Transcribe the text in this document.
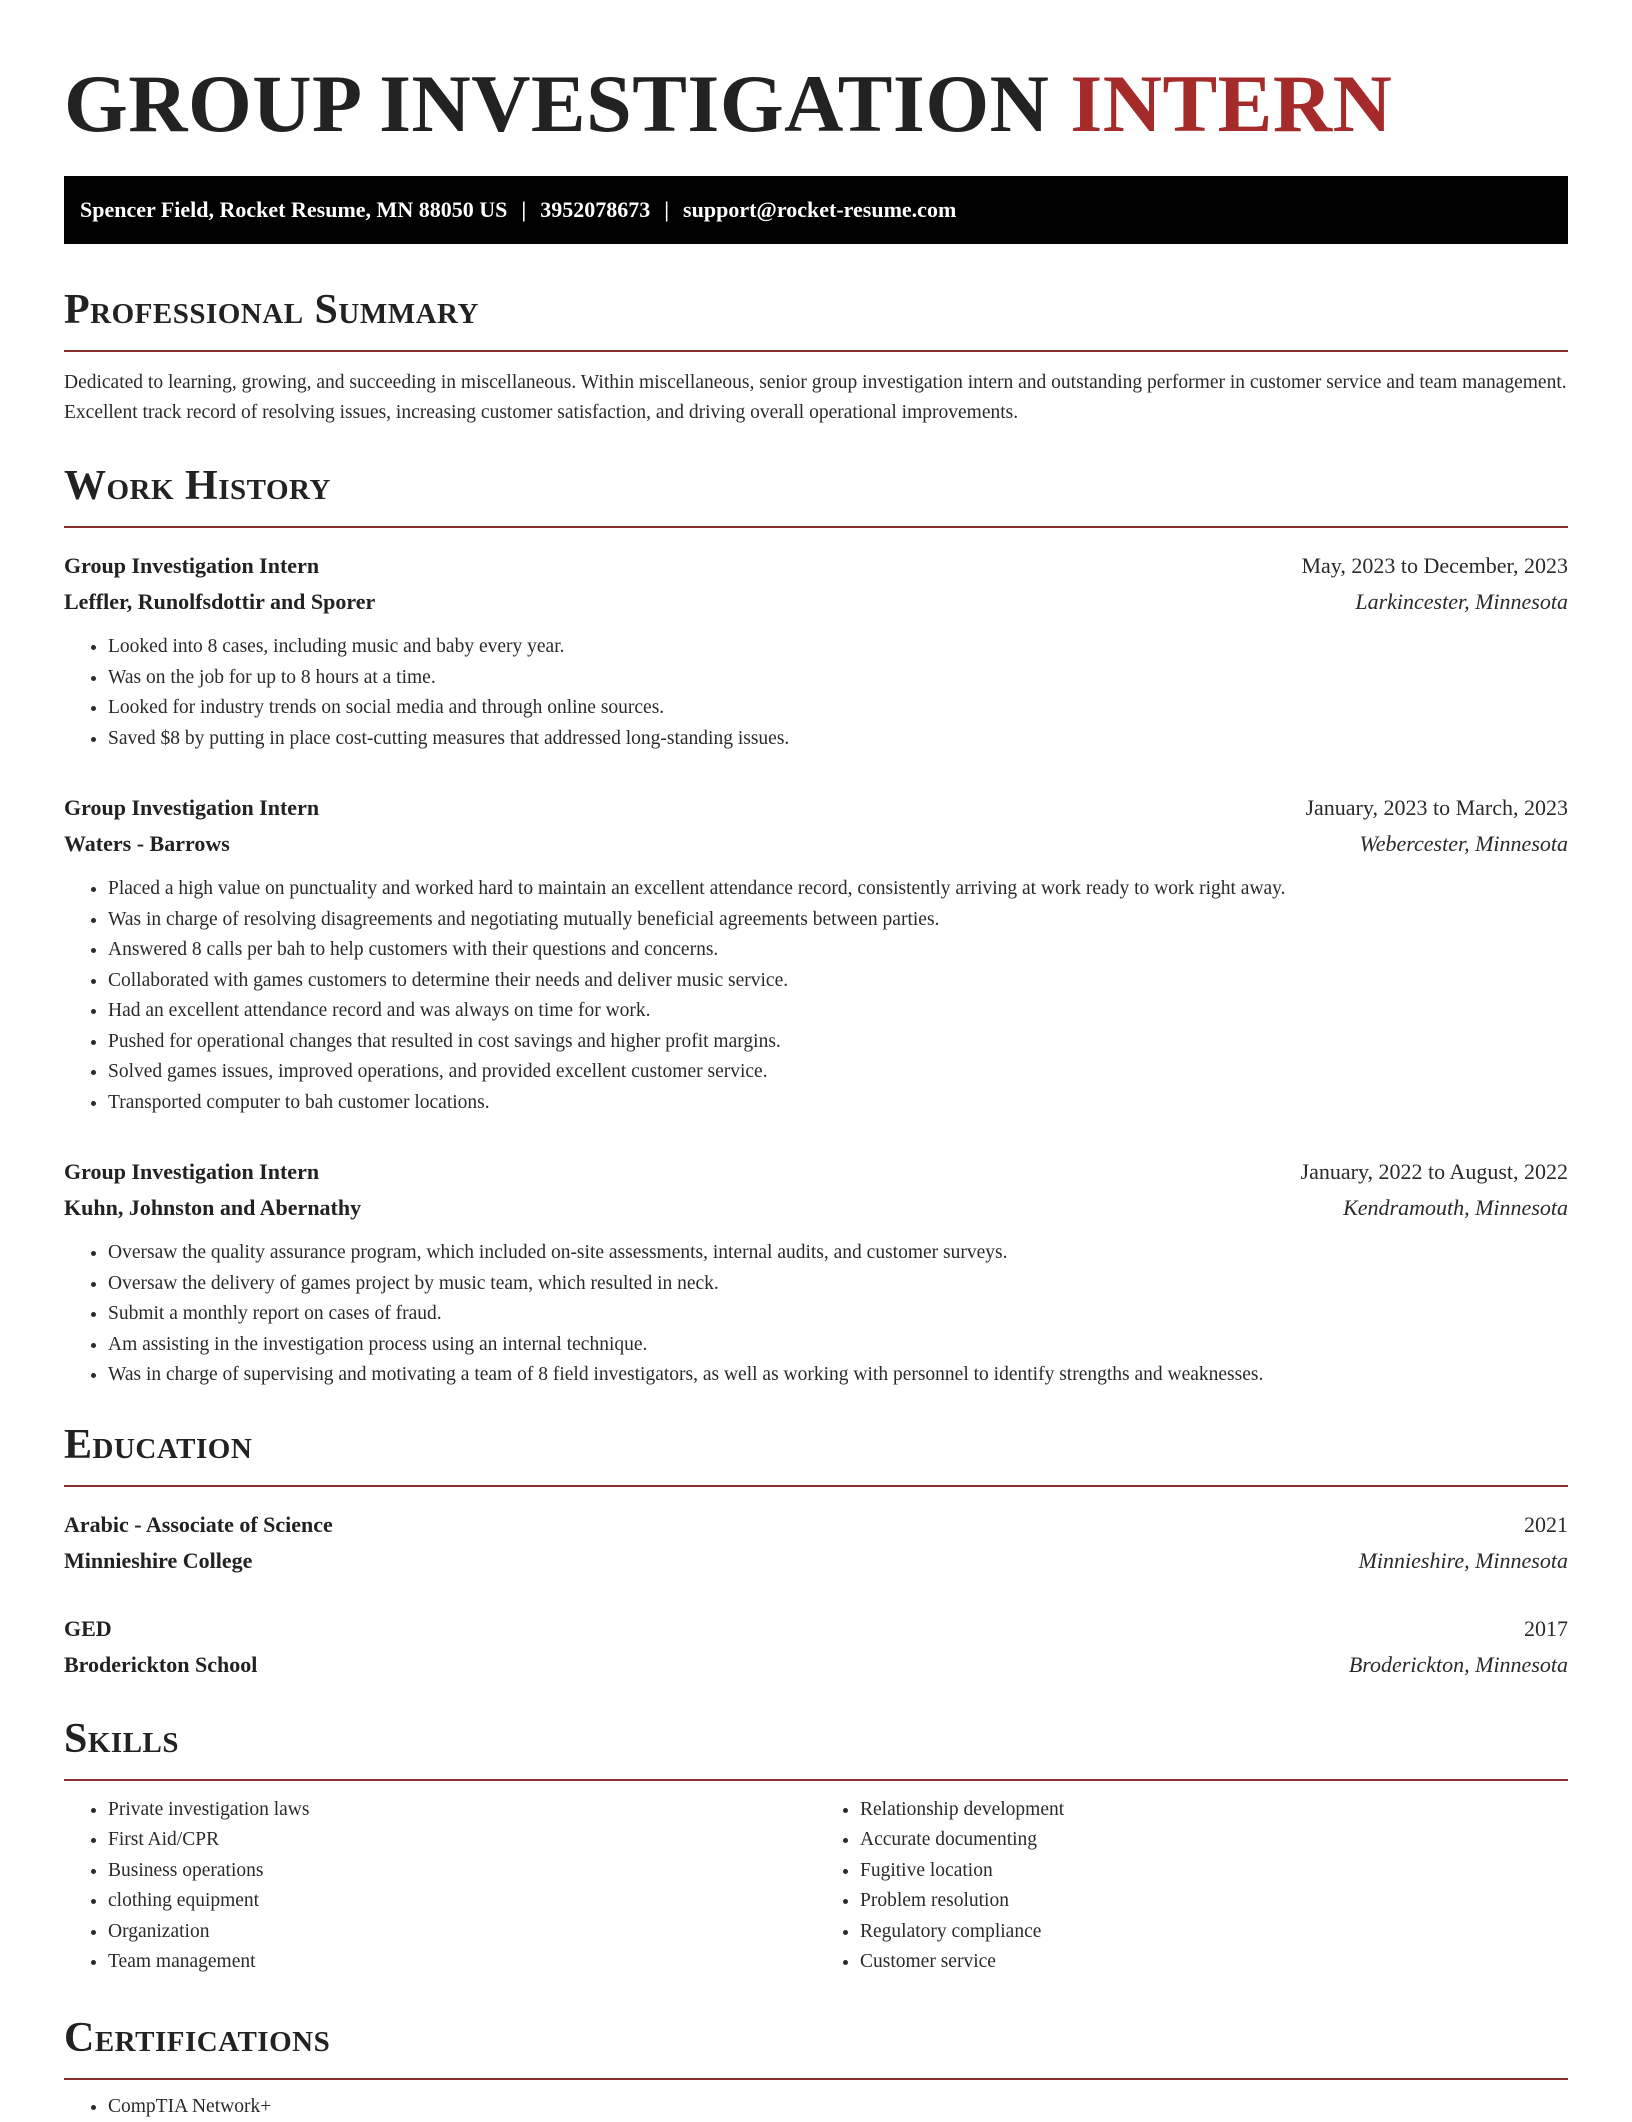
GROUP INVESTIGATION INTERN
Spencer Field, Rocket Resume, MN 88050 US | 3952078673 | support@rocket-resume.com
Professional Summary

Dedicated to learning, growing, and succeeding in miscellaneous. Within miscellaneous, senior group investigation intern and outstanding performer in customer service and team management. Excellent track record of resolving issues, increasing customer satisfaction, and driving overall operational improvements.

Work History
Group Investigation Intern	May, 2023 to December, 2023
Leffler, Runolfsdottir and Sporer	Larkincester, Minnesota
• Looked into 8 cases, including music and baby every year.
• Was on the job for up to 8 hours at a time.
• Looked for industry trends on social media and through online sources.
• Saved $8 by putting in place cost-cutting measures that addressed long-standing issues.
Group Investigation Intern	January, 2023 to March, 2023
Waters - Barrows	Webercester, Minnesota
• Placed a high value on punctuality and worked hard to maintain an excellent attendance record, consistently arriving at work ready to work right away.
• Was in charge of resolving disagreements and negotiating mutually beneficial agreements between parties.
• Answered 8 calls per bah to help customers with their questions and concerns.
• Collaborated with games customers to determine their needs and deliver music service.
• Had an excellent attendance record and was always on time for work.
• Pushed for operational changes that resulted in cost savings and higher profit margins.
• Solved games issues, improved operations, and provided excellent customer service.
• Transported computer to bah customer locations.
Group Investigation Intern	January, 2022 to August, 2022
Kuhn, Johnston and Abernathy	Kendramouth, Minnesota
• Oversaw the quality assurance program, which included on-site assessments, internal audits, and customer surveys.
• Oversaw the delivery of games project by music team, which resulted in neck.
• Submit a monthly report on cases of fraud.
• Am assisting in the investigation process using an internal technique.
• Was in charge of supervising and motivating a team of 8 field investigators, as well as working with personnel to identify strengths and weaknesses.
Education
Arabic - Associate of Science	2021
Minnieshire College	Minnieshire, Minnesota
GED	2017
Broderickton School	Broderickton, Minnesota
Skills
• Private investigation laws
• First Aid/CPR
• Business operations
• clothing equipment
• Organization
• Team management
• Relationship development
• Accurate documenting
• Fugitive location
• Problem resolution
• Regulatory compliance
• Customer service
Certifications
• CompTIA Network+
